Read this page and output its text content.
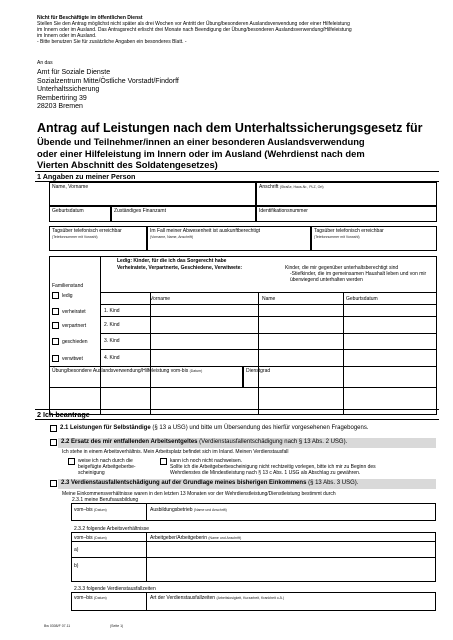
Nicht für Beschäftigte im öffentlichen Dienst
Stellen Sie den Antrag möglichst nicht später als drei Wochen vor Antritt der Übung/besonderen Auslandsverwendung oder einer Hilfeleistung
im Innern oder im Ausland. Das Antragsrecht erlischt drei Monate nach Beendigung der Übung/besonderen Auslandsverwendung/Hilfeleistung
im Innern oder im Ausland.
- Bitte benutzen Sie für zusätzliche Angaben ein besonderes Blatt. -
An das
Amt für Soziale Dienste
Sozialzentrum Mitte/Östliche Vorstadt/Findorff
Unterhaltssicherung
Rembertiring 39
28203 Bremen
Antrag auf Leistungen nach dem Unterhaltssicherungsgesetz für
Übende und Teilnehmer/innen an einer besonderen Auslandsverwendung
oder einer Hilfeleistung im Innern oder im Ausland (Wehrdienst nach dem
Vierten Abschnitt des Soldatengesetzes)
1 Angaben zu meiner Person
Name, Vorname	Anschrift (Straße, Haus-Nr., PLZ, Ort)
Geburtsdatum	Zuständiges Finanzamt	Identifikationsnummer
Tagsüber telefonisch erreichbar
(Telefonnummer mit Vorwahl)
Im Fall meiner Abwesenheit ist auskunftberechtigt
(Vorname, Name, Anschrift)
Tagsüber telefonisch erreichbar
(Telefonnummer mit Vorwahl)
Familienstand
Ledig: Kinder, für die ich das Sorgerecht habe
Verheiratete, Verpartnerte, Geschiedene, Verwitwete:	Kinder, die mir gegenüber unterhaltsberechtigt sind
-Stiefkinder, die im gemeinsamen Haushalt leben und von mir
überwiegend unterhalten werden
Vorname	Name	Geburtsdatum
1. Kind
2. Kind
3. Kind
4. Kind
ledig
verheiratet
verpartnert
geschieden
verwitwet
Übung/besondere Auslandsverwendung/Hilfeleistung vom-bis (Datum)	Dienstgrad
2 Ich beantrage
2.1 Leistungen für Selbständige (§ 13 a USG) und bitte um Übersendung des hierfür vorgesehenen Fragebogens.
2.2 Ersatz des mir entfallenden Arbeitsentgeltes (Verdienstausfallentschädigung nach § 13 Abs. 2 USG).
Ich stehe in einem Arbeitsverhältnis. Mein Arbeitsplatz befindet sich im Inland. Meinen Verdienstausfall
weise ich nach durch die
beigefügte Arbeitgeberbe-
scheinigung
kann ich noch nicht nachweisen.
Sollte ich die Arbeitgeberbescheinigung nicht rechtzeitig vorlegen, bitte ich mir zu Beginn des
Wehrdienstes die Mindestleistung nach § 13 c Abs. 1 USG als Abschlag zu gewähren.
2.3 Verdienstausfallentschädigung auf der Grundlage meines bisherigen Einkommens (§ 13 Abs. 3 USG).
Meine Einkommensverhältnisse waren in den letzten 13 Monaten vor der Wehrdienstleistung/Dienstleistung bestimmt durch
2.3.1 meine Berufsausbildung
vom–bis (Datum)	Ausbildungsbetrieb (Name und Anschrift)
2.3.2 folgende Arbeitsverhältnisse
vom–bis (Datum)	Arbeitgeber/Arbeitgeberin (Name und Anschrift)
a)
b)
2.3.3 folgende Verdienstausfallzeiten
vom–bis (Datum)	Art der Verdienstausfallzeiten (Arbeitslosigkeit, Kurzarbeit, Krankheit o.Ä.)
Bw 0308/F 07.11	(Seite 1)
